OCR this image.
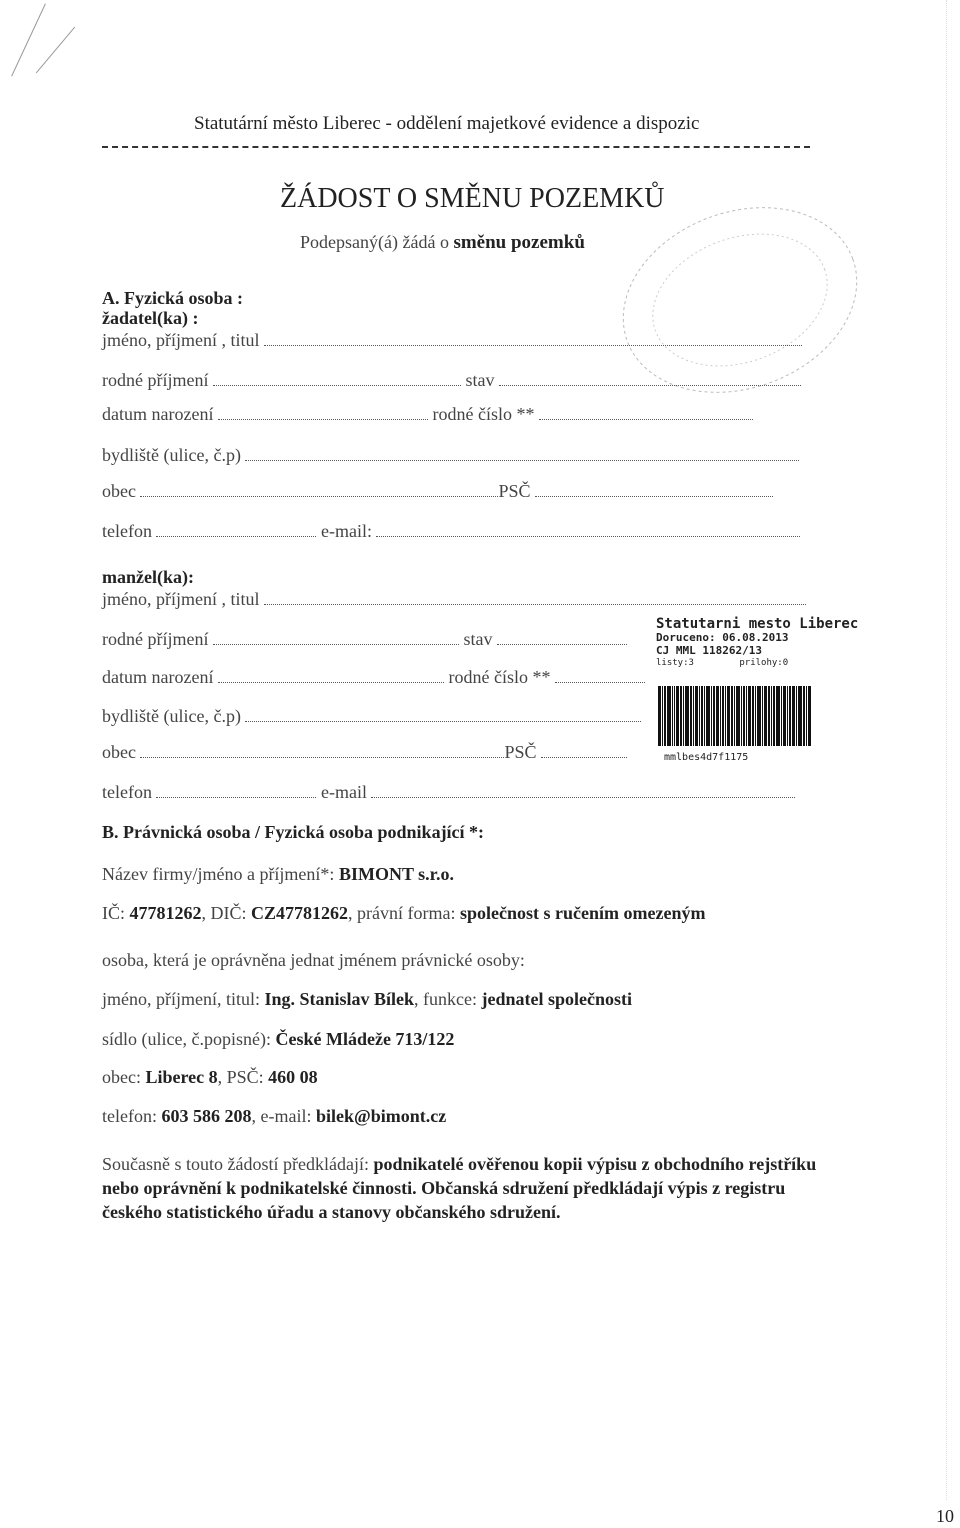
Statutární město Liberec - oddělení majetkové evidence a dispozic
ŽÁDOST O SMĚNU POZEMKŮ
Podepsaný(á) žádá o směnu pozemků
A. Fyzická osoba :
žadatel(ka) :
jméno, příjmení , titul
rodné příjmení	stav
datum narození	rodné číslo **
bydliště (ulice, č.p)
obec	PSČ
telefon	e-mail:
manžel(ka):
jméno, příjmení , titul
rodné příjmení	stav
datum narození	rodné číslo **
bydliště (ulice, č.p)
obec	PSČ
telefon	e-mail
Statutarni mesto Liberec
Doruceno: 06.08.2013
CJ MML 118262/13
listy:3	prilohy:0
mmlbes4d7f1175
B. Právnická osoba / Fyzická osoba podnikající *:
Název firmy/jméno a příjmení*: BIMONT s.r.o.
IČ: 47781262, DIČ: CZ47781262, právní forma: společnost s ručením omezeným
osoba, která je oprávněna jednat jménem právnické osoby:
jméno, příjmení, titul: Ing. Stanislav Bílek, funkce: jednatel společnosti
sídlo (ulice, č.popisné): České Mládeže 713/122
obec: Liberec 8, PSČ: 460 08
telefon: 603 586 208, e-mail: bilek@bimont.cz
Současně s touto žádostí předkládají: podnikatelé ověřenou kopii výpisu z obchodního rejstříku nebo oprávnění k podnikatelské činnosti. Občanská sdružení předkládají výpis z registru českého statistického úřadu a stanovy občanského sdružení.
10
